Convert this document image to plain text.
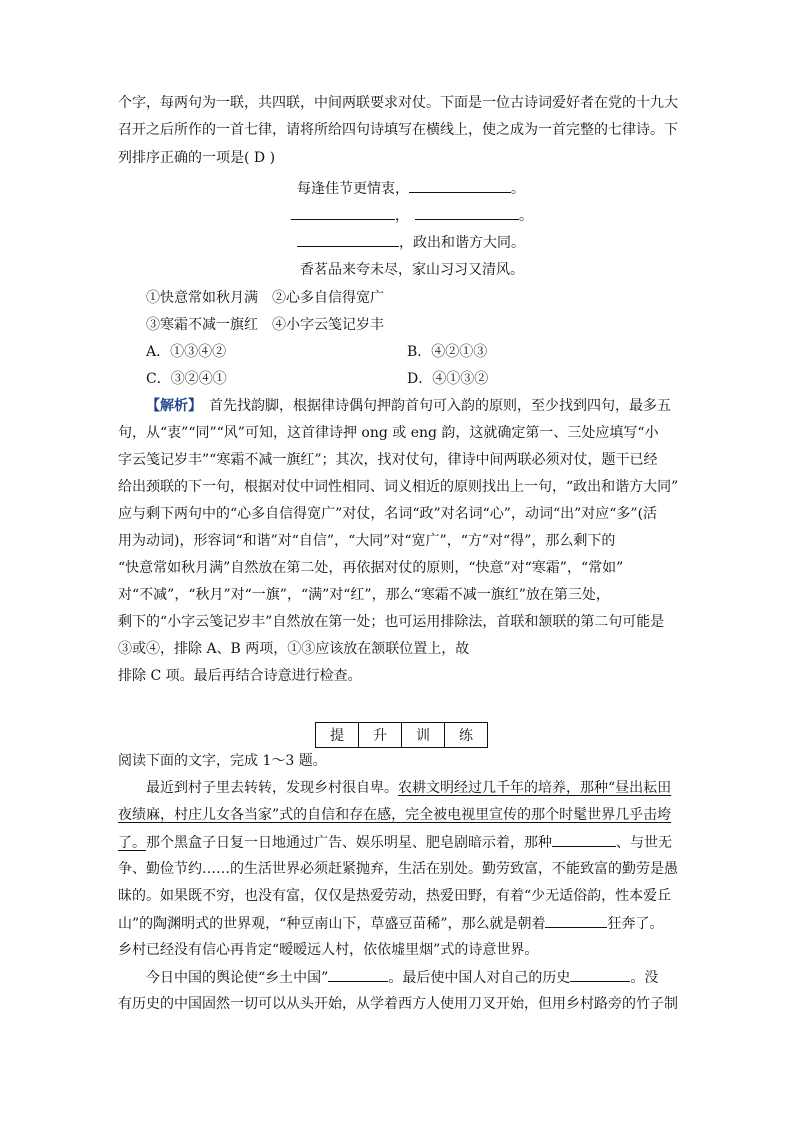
个字，每两句为一联，共四联，中间两联要求对仗。下面是一位古诗词爱好者在党的十九大
召开之后所作的一首七律，请将所给四句诗填写在横线上，使之成为一首完整的七律诗。下
列排序正确的一项是( D )
每逢佳节更情衷，	。
，	。
，政出和谐方大同。
香茗品来夸未尽，家山习习又清风。
①快意常如秋月满　②心多自信得宽广
③寒霜不减一旗红　④小字云笺记岁丰
A．①③④②	B．④②①③
C．③②④①	D．④①③②
【解析】　首先找韵脚，根据律诗偶句押韵首句可入韵的原则，至少找到四句，最多五
句，从“衷”“同”“风”可知，这首律诗押 ong 或 eng 韵，这就确定第一、三处应填写“小
字云笺记岁丰”“寒霜不减一旗红”；其次，找对仗句，律诗中间两联必须对仗，题干已经
给出颈联的下一句，根据对仗中词性相同、词义相近的原则找出上一句，“政出和谐方大同”
应与剩下两句中的“心多自信得宽广”对仗，名词“政”对名词“心”，动词“出”对应“多”(活
用为动词)，形容词“和谐”对“自信”，“大同”对“宽广”，“方”对“得”，那么剩下的
“快意常如秋月满”自然放在第二处，再依据对仗的原则，“快意”对“寒霜”，“常如”
对“不减”，“秋月”对“一旗”，“满”对“红”，那么“寒霜不减一旗红”放在第三处，
剩下的“小字云笺记岁丰”自然放在第一处；也可运用排除法，首联和颔联的第二句可能是
③或④，排除 A、B 两项，①③应该放在颔联位置上，故
排除 C 项。最后再结合诗意进行检查。
提	升	训	练
阅读下面的文字，完成 1～3 题。
　　最近到村子里去转转，发现乡村很自卑。农耕文明经过几千年的培养，那种“昼出耘田
夜绩麻，村庄儿女各当家”式的自信和存在感，完全被电视里宣传的那个时髦世界几乎击垮
了。那个黑盒子日复一日地通过广告、娱乐明星、肥皂剧暗示着，那种	、与世无
争、勤俭节约……的生活世界必须赶紧抛弃，生活在别处。勤劳致富，不能致富的勤劳是愚
昧的。如果既不穷，也没有富，仅仅是热爱劳动，热爱田野，有着“少无适俗韵，性本爱丘
山”的陶渊明式的世界观，“种豆南山下，草盛豆苗稀”，那么就是朝着	狂奔了。
乡村已经没有信心再肯定“暧暧远人村，依依墟里烟”式的诗意世界。
　　今日中国的舆论使“乡土中国”	。最后使中国人对自己的历史	。没
有历史的中国固然一切可以从头开始，从学着西方人使用刀叉开始，但用乡村路旁的竹子制
